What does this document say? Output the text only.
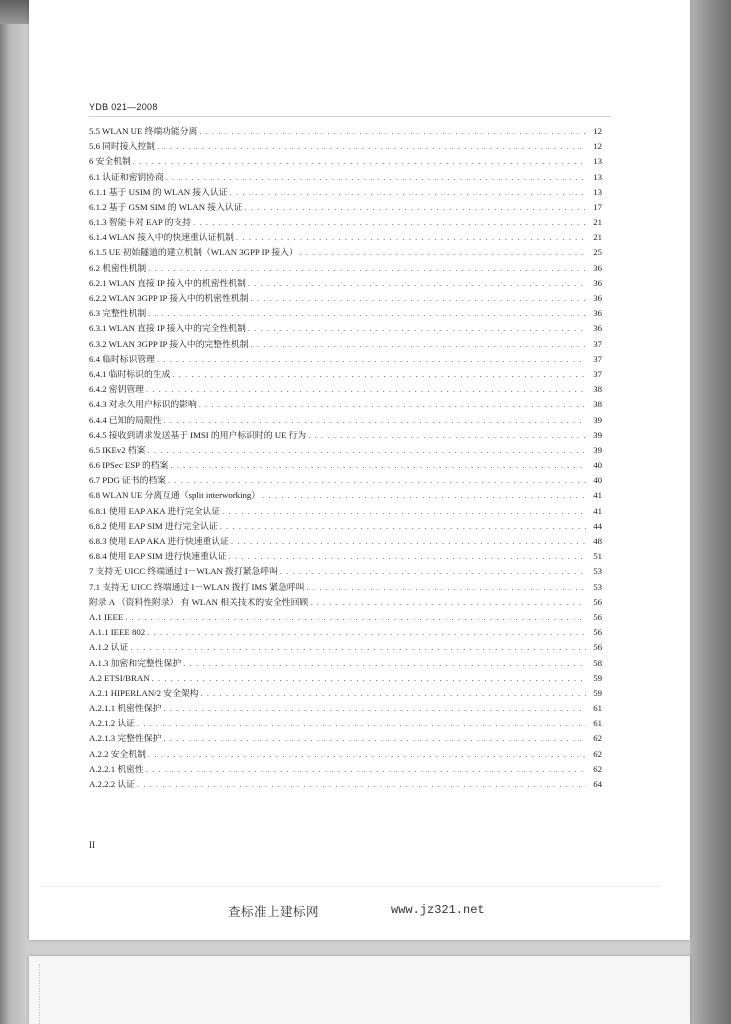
YDB 021—2008
5.5 WLAN UE 终端功能分离 . . .	12
5.6 同时接入控制 . . .	12
6 安全机制 . . .	13
6.1 认证和密钥协商 . . .	13
6.1.1 基于 USIM 的 WLAN 接入认证 . . .	13
6.1.2 基于 GSM SIM 的 WLAN 接入认证 . . .	17
6.1.3 智能卡对 EAP 的支持 . . .	21
6.1.4 WLAN 接入中的快速重认证机制 . . .	21
6.1.5 UE 初始隧道的建立机制（WLAN 3GPP IP 接入） . . .	25
6.2 机密性机制 . . .	36
6.2.1 WLAN 直接 IP 接入中的机密性机制 . . .	36
6.2.2 WLAN 3GPP IP 接入中的机密性机制 . . .	36
6.3 完整性机制 . . .	36
6.3.1 WLAN 直接 IP 接入中的完全性机制 . . .	36
6.3.2 WLAN 3GPP IP 接入中的完整性机制 . . .	37
6.4 临时标识管理 . . .	37
6.4.1 临时标识的生成 . . .	37
6.4.2 密钥管理 . . .	38
6.4.3 对永久用户标识的影响 . . .	38
6.4.4 已知的局限性 . . .	39
6.4.5 接收到请求发送基于 IMSI 的用户标识时的 UE 行为 . . .	39
6.5 IKEv2 档案 . . .	39
6.6 IPSec ESP 的档案 . . .	40
6.7 PDG 证书的档案 . . .	40
6.8 WLAN UE 分离互通（split interworking） . . .	41
6.8.1 使用 EAP AKA 进行完全认证 . . .	41
6.8.2 使用 EAP SIM 进行完全认证 . . .	44
6.8.3 使用 EAP AKA 进行快速重认证 . . .	48
6.8.4 使用 EAP SIM 进行快速重认证 . . .	51
7 支持无 UICC 终端通过 I－WLAN 拨打紧急呼叫 . . .	53
7.1 支持无 UICC 终端通过 I－WLAN 拨打 IMS 紧急呼叫 . . .	53
附录 A （资料性附录） 有 WLAN 相关技术的安全性回顾 . . .	56
A.1 IEEE . . .	56
A.1.1 IEEE 802 . . .	56
A.1.2 认证 . . .	56
A.1.3 加密和完整性保护 . . .	58
A.2 ETSI/BRAN . . .	59
A.2.1 HIPERLAN/2 安全架构 . . .	59
A.2.1.1 机密性保护 . . .	61
A.2.1.2 认证 . . .	61
A.2.1.3 完整性保护 . . .	62
A.2.2 安全机制 . . .	62
A.2.2.1 机密性 . . .	62
A.2.2.2 认证 . . .	64
II
查标准上建标网	www.jz321.net
